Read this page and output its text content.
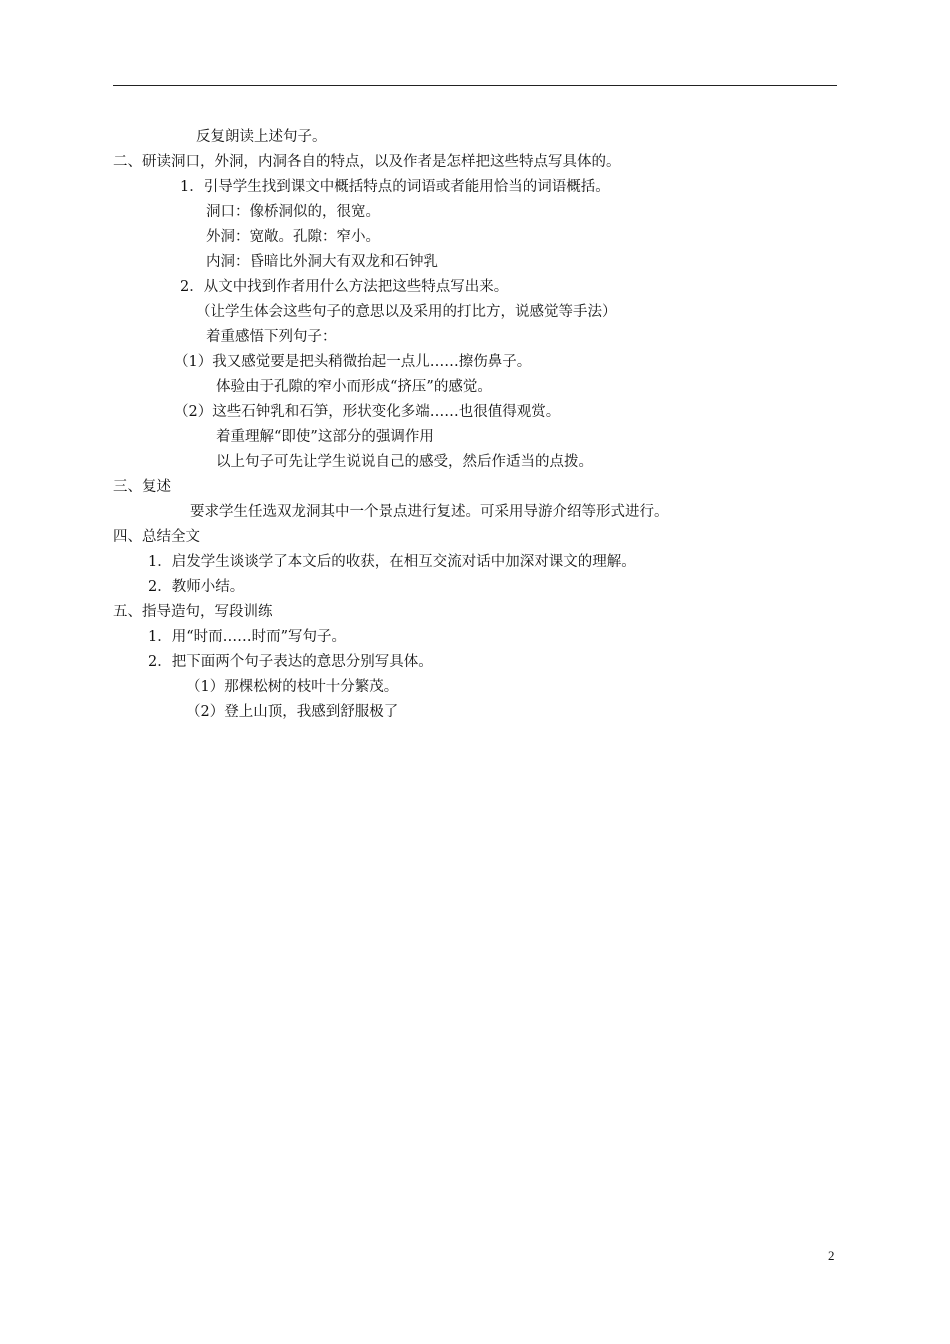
反复朗读上述句子。
二、研读洞口，外洞，内洞各自的特点，以及作者是怎样把这些特点写具体的。
1．引导学生找到课文中概括特点的词语或者能用恰当的词语概括。
洞口：像桥洞似的，很宽。
外洞：宽敞。孔隙：窄小。
内洞：昏暗比外洞大有双龙和石钟乳
2．从文中找到作者用什么方法把这些特点写出来。
（让学生体会这些句子的意思以及采用的打比方，说感觉等手法）
着重感悟下列句子：
（1）我又感觉要是把头稍微抬起一点儿……擦伤鼻子。
体验由于孔隙的窄小而形成“挤压”的感觉。
（2）这些石钟乳和石笋，形状变化多端……也很值得观赏。
着重理解“即使”这部分的强调作用
以上句子可先让学生说说自己的感受，然后作适当的点拨。
三、复述
要求学生任选双龙洞其中一个景点进行复述。可采用导游介绍等形式进行。
四、总结全文
1．启发学生谈谈学了本文后的收获，在相互交流对话中加深对课文的理解。
2．教师小结。
五、指导造句，写段训练
1．用“时而……时而”写句子。
2．把下面两个句子表达的意思分别写具体。
（1）那棵松树的枝叶十分繁茂。
（2）登上山顶，我感到舒服极了
2
